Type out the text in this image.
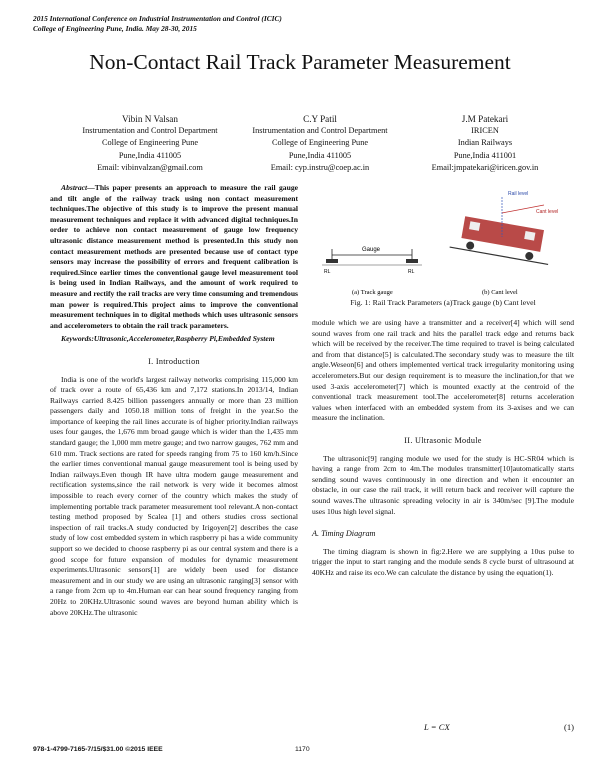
2015 International Conference on Industrial Instrumentation and Control (ICIC)
College of Engineering Pune, India. May 28-30, 2015
Non-Contact Rail Track Parameter Measurement
Vibin N Valsan
Instrumentation and Control Department
College of Engineering Pune
Pune,India 411005
Email: vibinvalzan@gmail.com
C.Y Patil
Instrumentation and Control Department
College of Engineering Pune
Pune,India 411005
Email: cyp.instru@coep.ac.in
J.M Patekari
IRICEN
Indian Railways
Pune,India 411001
Email:jmpatekari@iricen.gov.in

Abstract—This paper presents an approach to measure the rail gauge and tilt angle of the railway track using non contact measurement techniques.The objective of this study is to improve the present manual measurement techniques and replace it with advanced digital techniques.In order to achieve non contact measurement of gauge low frequency ultrasonic distance measurement method is presented.In this study non contact measurement methods are presented because use of contact type sensors may increase the possibility of errors and frequent calibration is required.Since earlier times the conventional gauge level measurement tool is being used in Indian Railways, and the amount of work required to measure and rectify the rail tracks are very time consuming and tremendous man power is required.This project aims to improve the conventional measurement techniques in to digital methods which uses ultrasonic sensors and accelerometers to obtain the rail track parameters.

Keywords:Ultrasonic,Accelerometer,Raspberry Pi,Embedded System

I. Introduction

India is one of the world's largest railway networks comprising 115,000 km of track over a route of 65,436 km and 7,172 stations.In 2013/14, Indian Railways carried 8.425 billion passengers annually or more than 23 million passengers daily and 1050.18 million tons of freight in the year.So the importance of keeping the rail lines accurate is of higher priority.Indian railways uses four gauges, the 1,676 mm broad gauge which is wider than the 1,435 mm standard gauge; the 1,000 mm metre gauge; and two narrow gauges, 762 mm and 610 mm. Track sections are rated for speeds ranging from 75 to 160 km/h.Since the earlier times conventional manual gauge measurement tool is being used by Indian railways.Even though IR have ultra modern gauge measurement and rectification systems,since the rail network is very wide it becomes almost impossible to reach every corner of the country which makes the study of implementing portable track parameter measurement tool relevant.A non-contact testing method proposed by Scalea [1] and others studies cross sectional inspection of rail tracks.A study conducted by Irigoyen[2] describes the case study of low cost embedded system in which raspberry pi has a wide community support so we decided to choose raspberry pi as our central system and there is a good scope for future expansion of modules for dynamic measurement experiments.Ultrasonic sensors[1] are widely been used for distance measurement and in our study we are using an ultrasonic ranging[3] sensor with a range from 2cm up to 4m.Human ear can hear sound frequency ranging from 20Hz to 20KHz.Ultrasonic sound waves are beyond human ability which is above 20KHz.The ultrasonic

Gauge
RL	RL
(a) Track gauge
Rail level
Cant level
(b) Cant level
Fig. 1: Rail Track Parameters (a)Track gauge (b) Cant level

module which we are using have a transmitter and a receiver[4] which will send sound waves from one rail track and hits the parallel track edge and returns back which will be received by the receiver.The time required to travel is being calculated and from that distance[5] is calculated.The secondary study was to measure the tilt angle.Weseon[6] and others implemented vertical track irregularity monitoring using accelerometers.But our design requirement is to measure the inclination,for that we used 3-axis accelerometer[7] which is mounted exactly at the centroid of the conventional track measurement tool.The accelerometer[8] returns acceleration values when interfaced with an embedded system from its 3-axises and we can measure the inclination.

II. Ultrasonic Module

The ultrasonic[9] ranging module we used for the study is HC-SR04 which is having a range from 2cm to 4m.The modules transmitter[10]automatically starts sending sound waves continuously in one direction and when it encounter an obstacle, in our case the rail track, it will return back and receiver will capture the sound waves.The ultrasonic spreading velocity in air is 340m/sec [9].The module uses 10us high level signal.

A. Timing Diagram

The timing diagram is shown in fig:2.Here we are supplying a 10us pulse to trigger the input to start ranging and the module sends 8 cycle burst of ultrasound at 40KHz and raise its eco.We can calculate the distance by using the equation(1).

L = CX	(1)
978-1-4799-7165-7/15/$31.00 ©2015 IEEE	1170
